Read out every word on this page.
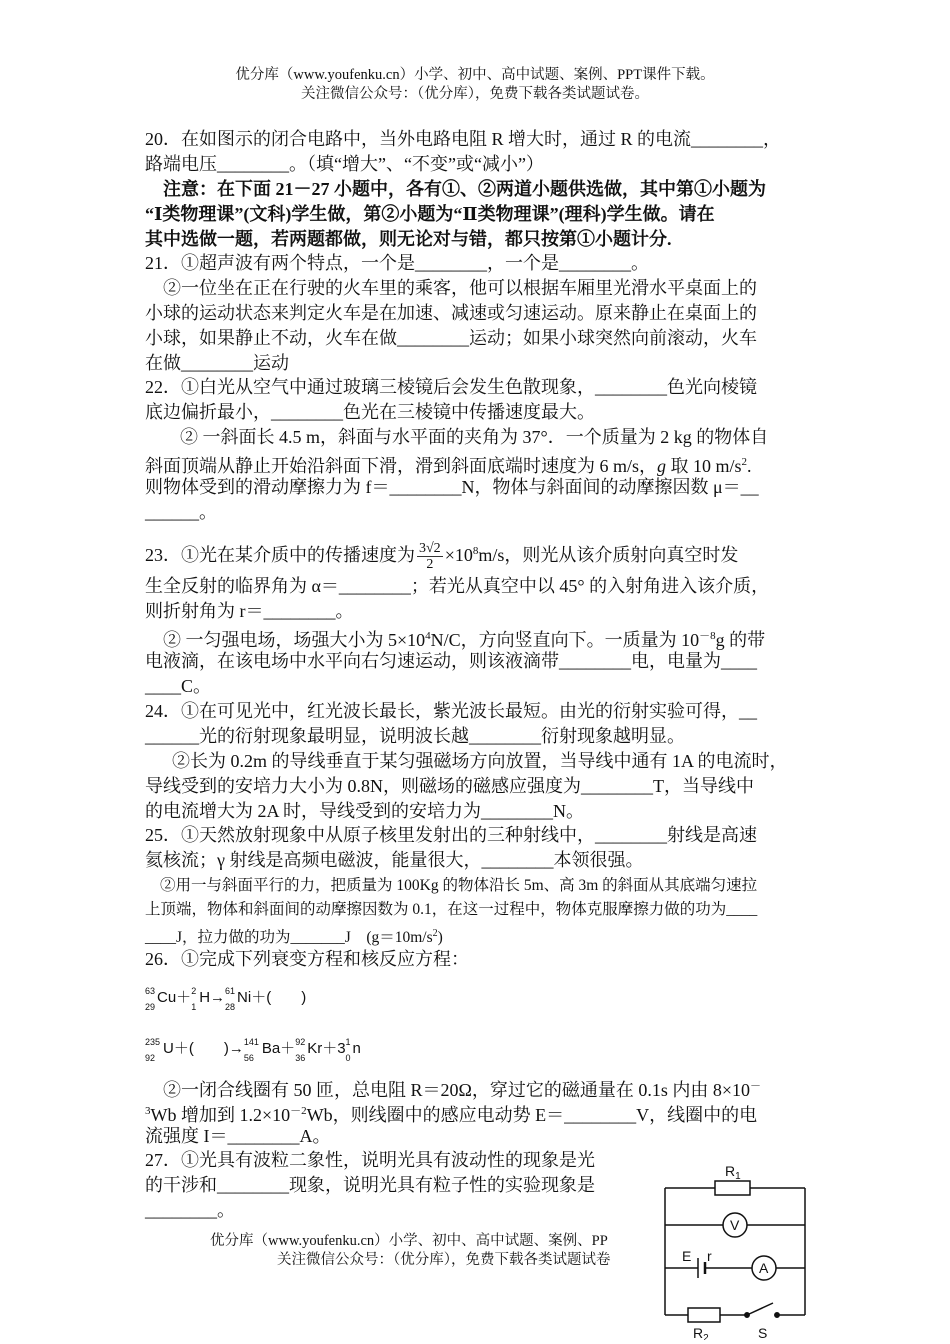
优分库（www.youfenku.cn）小学、初中、高中试题、案例、PPT课件下载。
关注微信公众号：（优分库），免费下载各类试题试卷。
20．在如图示的闭合电路中，当外电路电阻 R 增大时，通过 R 的电流________，
路端电压________。（填“增大”、“不变”或“减小”）
注意：在下面 21－27 小题中，各有①、②两道小题供选做，其中第①小题为
“Ⅰ类物理课”(文科)学生做，第②小题为“Ⅱ类物理课”(理科)学生做。请在
其中选做一题，若两题都做，则无论对与错，都只按第①小题计分.
21．①超声波有两个特点，一个是________，一个是________。
②一位坐在正在行驶的火车里的乘客，他可以根据车厢里光滑水平桌面上的
小球的运动状态来判定火车是在加速、减速或匀速运动。原来静止在桌面上的
小球，如果静止不动，火车在做________运动；如果小球突然向前滚动，火车
在做________运动
22．①白光从空气中通过玻璃三棱镜后会发生色散现象，________色光向棱镜
底边偏折最小，________色光在三棱镜中传播速度最大。
② 一斜面长 4.5 m，斜面与水平面的夹角为 37°．一个质量为 2 kg 的物体自
斜面顶端从静止开始沿斜面下滑，滑到斜面底端时速度为 6 m/s，g 取 10 $m/s^2$.
则物体受到的滑动摩擦力为 f＝________N，物体与斜面间的动摩擦因数 μ＝__
______。
23．①光在某介质中的传播速度为 $\frac{3√2}{2} \times 10^8m/s$，则光从该介质射向真空时发
生全反射的临界角为 α＝________；若光从真空中以 45° 的入射角进入该介质，
则折射角为 r＝________。
② 一匀强电场，场强大小为 $5\times 10^4N/C$，方向竖直向下。一质量为 $10^{-8}g$ 的带
电液滴，在该电场中水平向右匀速运动，则该液滴带________电，电量为____
____C。
24．①在可见光中，红光波长最长，紫光波长最短。由光的衍射实验可得，__
______光的衍射现象最明显，说明波长越________衍射现象越明显。
②长为 0.2m 的导线垂直于某匀强磁场方向放置，当导线中通有 1A 的电流时，
导线受到的安培力大小为 0.8N，则磁场的磁感应强度为________T，当导线中
的电流增大为 2A 时，导线受到的安培力为________N。
25．①天然放射现象中从原子核里发射出的三种射线中，________射线是高速
氦核流；γ 射线是高频电磁波，能量很大，________本领很强。
②用一与斜面平行的力，把质量为 100Kg 的物体沿长 5m、高 3m 的斜面从其底端匀速拉
上顶端，物体和斜面间的动摩擦因数为 0.1，在这一过程中，物体克服摩擦力做的功为____
____J，拉力做的功为_______J　$(g=10m/s^2)$
26．①完成下列衰变方程和核反应方程：
63
29
Cu＋ 2
1
H→ 61
28
Ni＋(　　)
235
92
U＋(　　)→ 141
56
Ba＋ 92
36
Kr＋3 1
0
n
②一闭合线圈有 50 匝，总电阻 R＝20Ω，穿过它的磁通量在 0.1s 内由 8×10－
$^3$Wb 增加到 $1.2\times 10^{-2}Wb$，则线圈中的感应电动势 E＝________V，线圈中的电
流强度 I＝________A。
27．①光具有波粒二象性，说明光具有波动性的现象是光
的干涉和________现象，说明光具有粒子性的实验现象是
________。
优分库（www.youfenku.cn）小学、初中、高中试题、案例、PP
关注微信公众号：（优分库），免费下载各类试题试卷
$R_1$
V
E r
A
$R_2$	S
